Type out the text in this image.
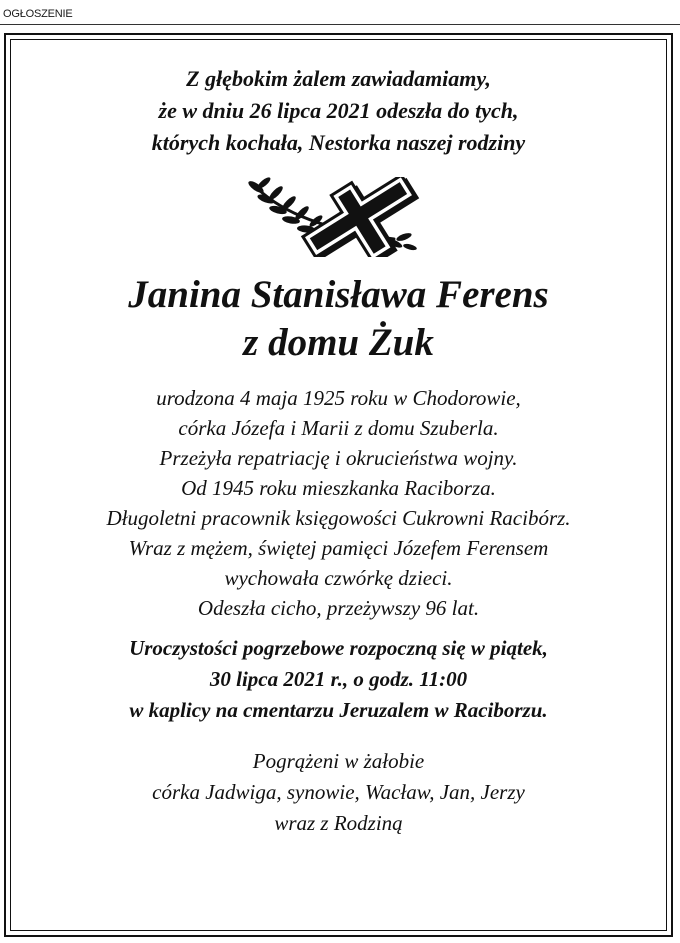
OGŁOSZENIE
Z głębokim żalem zawiadamiamy,
że w dniu 26 lipca 2021 odeszła do tych,
których kochała, Nestorka naszej rodziny
Janina Stanisława Ferens
z domu Żuk
urodzona 4 maja 1925 roku w Chodorowie,
córka Józefa i Marii z domu Szuberla.
Przeżyła repatriację i okrucieństwa wojny.
Od 1945 roku mieszkanka Raciborza.
Długoletni pracownik księgowości Cukrowni Racibórz.
Wraz z mężem, świętej pamięci Józefem Ferensem
wychowała czwórkę dzieci.
Odeszła cicho, przeżywszy 96 lat.
Uroczystości pogrzebowe rozpoczną się w piątek,
30 lipca 2021 r., o godz. 11:00
w kaplicy na cmentarzu Jeruzalem w Raciborzu.
Pogrążeni w żałobie
córka Jadwiga, synowie, Wacław, Jan, Jerzy
wraz z Rodziną
